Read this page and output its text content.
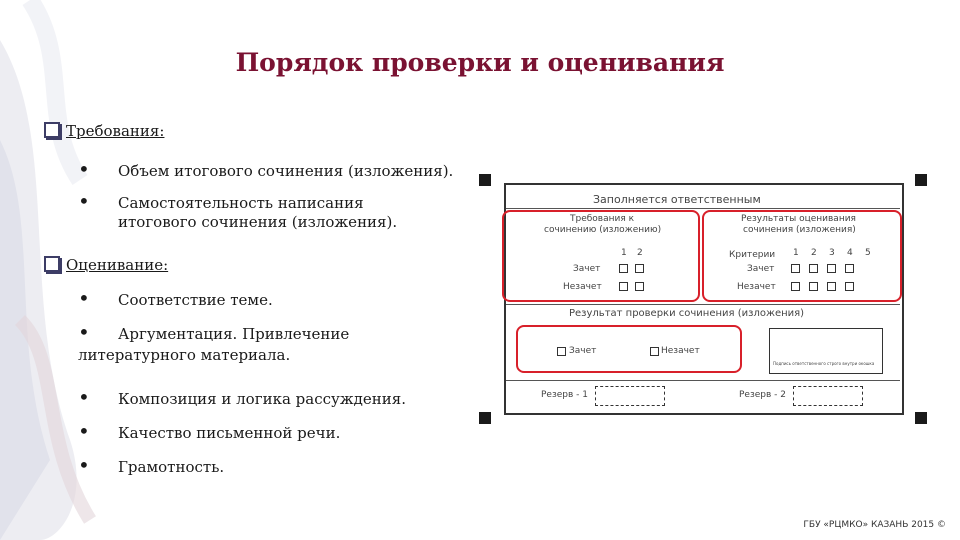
Порядок проверки и оценивания
Требования:
• Объем итогового сочинения (изложения).
• Самостоятельность написания
итогового сочинения (изложения).
Оценивание:
• Соответствие теме.
• Аргументация. Привлечение
литературного материала.
• Композиция и логика рассуждения.
• Качество письменной речи.
• Грамотность.
Заполняется ответственным
Требования к
сочинению (изложению)
1 2
Зачет
Незачет
Результаты оценивания
сочинения (изложения)
Критерии 1 2 3 4 5
Зачет
Незачет
Результат проверки сочинения (изложения)
Зачет	Незачет
Подпись ответственного строго внутри окошка
Резерв - 1	Резерв - 2
ГБУ «РЦМКО» КАЗАНЬ 2015 ©
